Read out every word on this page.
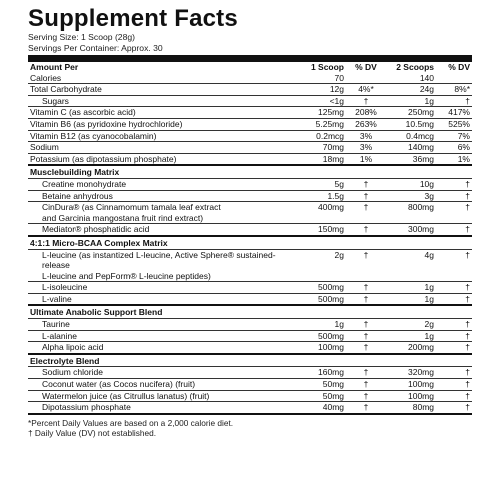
Supplement Facts
Serving Size: 1 Scoop (28g)
Servings Per Container: Approx. 30
Amount Per	1 Scoop	% DV	2 Scoops	% DV
Calories	70		140	
Total Carbohydrate	12g	4%*	24g	8%*
Sugars	<1g	†	1g	†
Vitamin C (as ascorbic acid)	125mg	208%	250mg	417%
Vitamin B6 (as pyridoxine hydrochloride)	5.25mg	263%	10.5mg	525%
Vitamin B12 (as cyanocobalamin)	0.2mcg	3%	0.4mcg	7%
Sodium	70mg	3%	140mg	6%
Potassium (as dipotassium phosphate)	18mg	1%	36mg	1%
Musclebuilding Matrix				
Creatine monohydrate	5g	†	10g	†
Betaine anhydrous	1.5g	†	3g	†

CinDura® (as Cinnamomum tamala leaf extract
and Garcinia mangostana fruit rind extract)	400mg	†	800mg	†
Mediator® phosphatidic acid	150mg	†	300mg	†
4:1:1 Micro-BCAA Complex Matrix				

L-leucine (as instantized L-leucine, Active Sphere® sustained-release
L-leucine and PepForm® L-leucine peptides)	2g	†	4g	†
L-isoleucine	500mg	†	1g	†
L-valine	500mg	†	1g	†
Ultimate Anabolic Support Blend				
Taurine	1g	†	2g	†
L-alanine	500mg	†	1g	†
Alpha lipoic acid	100mg	†	200mg	†
Electrolyte Blend				
Sodium chloride	160mg	†	320mg	†
Coconut water (as Cocos nucifera) (fruit)	50mg	†	100mg	†
Watermelon juice (as Citrullus lanatus) (fruit)	50mg	†	100mg	†
Dipotassium phosphate	40mg	†	80mg	†
*Percent Daily Values are based on a 2,000 calorie diet.
† Daily Value (DV) not established.
